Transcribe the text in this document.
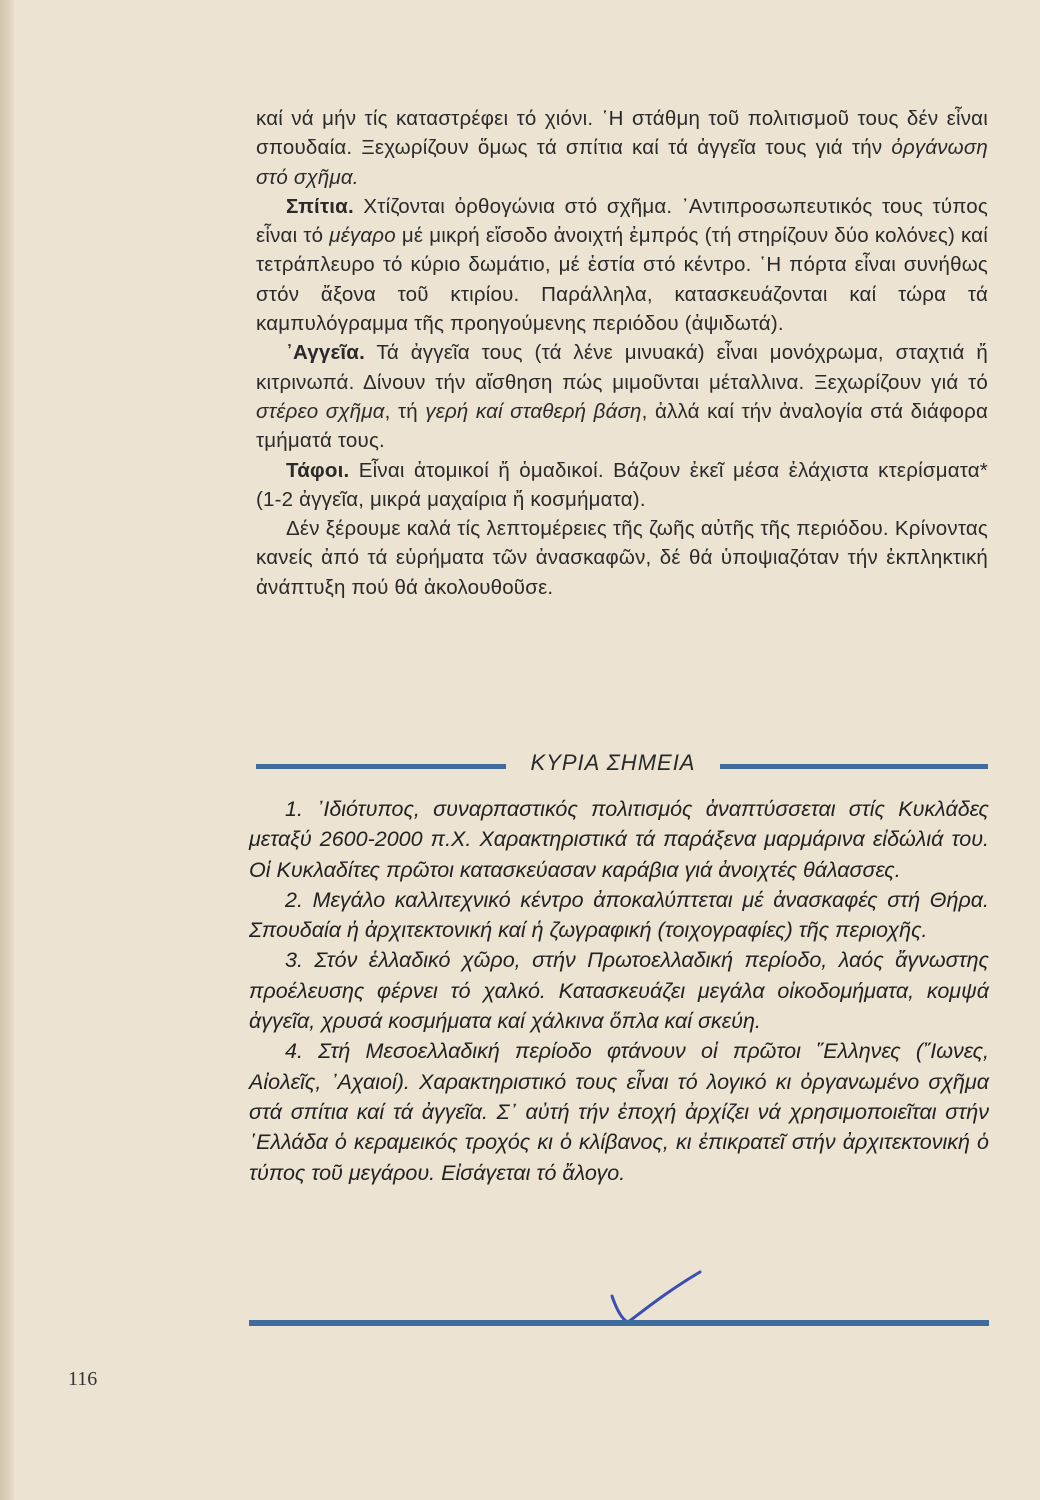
καί νά μήν τίς καταστρέφει τό χιόνι. ῾Η στάθμη τοῦ πολιτισμοῦ τους δέν εἶναι σπουδαία. Ξεχωρίζουν ὅμως τά σπίτια καί τά ἀγγεῖα τους γιά τήν ὀργάνωση στό σχῆμα.

Σπίτια. Χτίζονται ὀρθογώνια στό σχῆμα. ᾿Αντιπροσωπευτικός τους τύπος εἶναι τό μέγαρο μέ μικρή εἴσοδο ἀνοιχτή ἐμπρός (τή στηρίζουν δύο κολόνες) καί τετράπλευρο τό κύριο δωμάτιο, μέ ἑστία στό κέντρο. ῾Η πόρτα εἶναι συνήθως στόν ἄξονα τοῦ κτιρίου. Παράλληλα, κατασκευάζονται καί τώρα τά καμπυλόγραμμα τῆς προηγούμενης περιόδου (ἀψιδωτά).

᾿Αγγεῖα. Τά ἀγγεῖα τους (τά λένε μινυακά) εἶναι μονόχρωμα, σταχτιά ἤ κιτρινωπά. Δίνουν τήν αἴσθηση πώς μιμοῦνται μέταλλινα. Ξεχωρίζουν γιά τό στέρεο σχῆμα, τή γερή καί σταθερή βάση, ἀλλά καί τήν ἀναλογία στά διάφορα τμήματά τους.

Τάφοι. Εἶναι ἀτομικοί ἤ ὁμαδικοί. Βάζουν ἐκεῖ μέσα ἐλάχιστα κτερίσματα* (1-2 ἀγγεῖα, μικρά μαχαίρια ἤ κοσμήματα).

Δέν ξέρουμε καλά τίς λεπτομέρειες τῆς ζωῆς αὐτῆς τῆς περιόδου. Κρίνοντας κανείς ἀπό τά εὑρήματα τῶν ἀνασκαφῶν, δέ θά ὑποψιαζόταν τήν ἐκπληκτική ἀνάπτυξη πού θά ἀκολουθοῦσε.

ΚΥΡΙΑ ΣΗΜΕΙΑ

1. ᾿Ιδιότυπος, συναρπαστικός πολιτισμός ἀναπτύσσεται στίς Κυκλάδες μεταξύ 2600-2000 π.Χ. Χαρακτηριστικά τά παράξενα μαρμάρινα εἰδώλιά του. Οἱ Κυκλαδίτες πρῶτοι κατασκεύασαν καράβια γιά ἀνοιχτές θάλασσες.

2. Μεγάλο καλλιτεχνικό κέντρο ἀποκαλύπτεται μέ ἀνασκαφές στή Θήρα. Σπουδαία ἡ ἀρχιτεκτονική καί ἡ ζωγραφική (τοιχογραφίες) τῆς περιοχῆς.

3. Στόν ἑλλαδικό χῶρο, στήν Πρωτοελλαδική περίοδο, λαός ἄγνωστης προέλευσης φέρνει τό χαλκό. Κατασκευάζει μεγάλα οἰκοδομήματα, κομψά ἀγγεῖα, χρυσά κοσμήματα καί χάλκινα ὅπλα καί σκεύη.

4. Στή Μεσοελλαδική περίοδο φτάνουν οἱ πρῶτοι ῞Ελληνες (῎Ιωνες, Αἰολεῖς, ᾿Αχαιοί). Χαρακτηριστικό τους εἶναι τό λογικό κι ὀργανωμένο σχῆμα στά σπίτια καί τά ἀγγεῖα. Σ᾿ αὐτή τήν ἐποχή ἀρχίζει νά χρησιμοποιεῖται στήν ῾Ελλάδα ὁ κεραμεικός τροχός κι ὁ κλίβανος, κι ἐπικρατεῖ στήν ἀρχιτεκτονική ὁ τύπος τοῦ μεγάρου. Εἰσάγεται τό ἄλογο.

116
